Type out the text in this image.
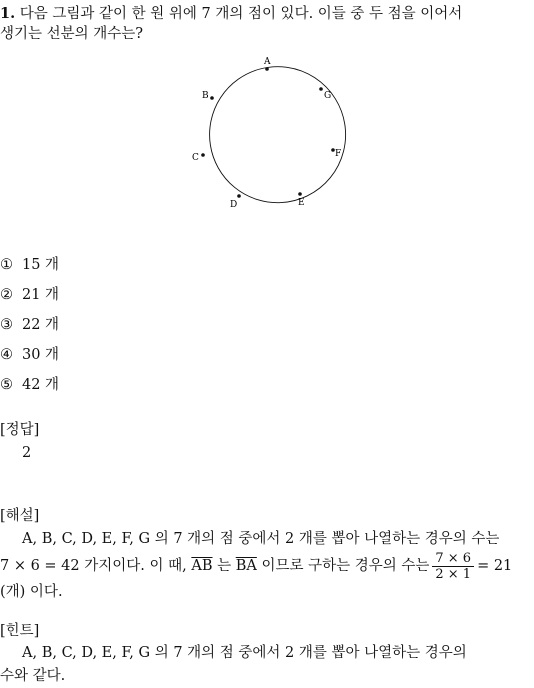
1. 다음 그림과 같이 한 원 위에 7 개의 점이 있다. 이들 중 두 점을 이어서
생기는 선분의 개수는?
A
B
C
D	E
F
G
① 15 개
② 21 개
③ 22 개
④ 30 개
⑤ 42 개
[정답]
2
[해설]
A, B, C, D, E, F, G 의 7 개의 점 중에서 2 개를 뽑아 나열하는 경우의 수는
7 × 6 = 42 가지이다. 이 때,
$\overline{AB}$
는
$\overline{BA}$
이므로 구하는 경우의 수는 $\frac{7 \times 6}{2 \times 1} = 21$
(개) 이다.
[힌트]
A, B, C, D, E, F, G 의 7 개의 점 중에서 2 개를 뽑아 나열하는 경우의
수와 같다.
